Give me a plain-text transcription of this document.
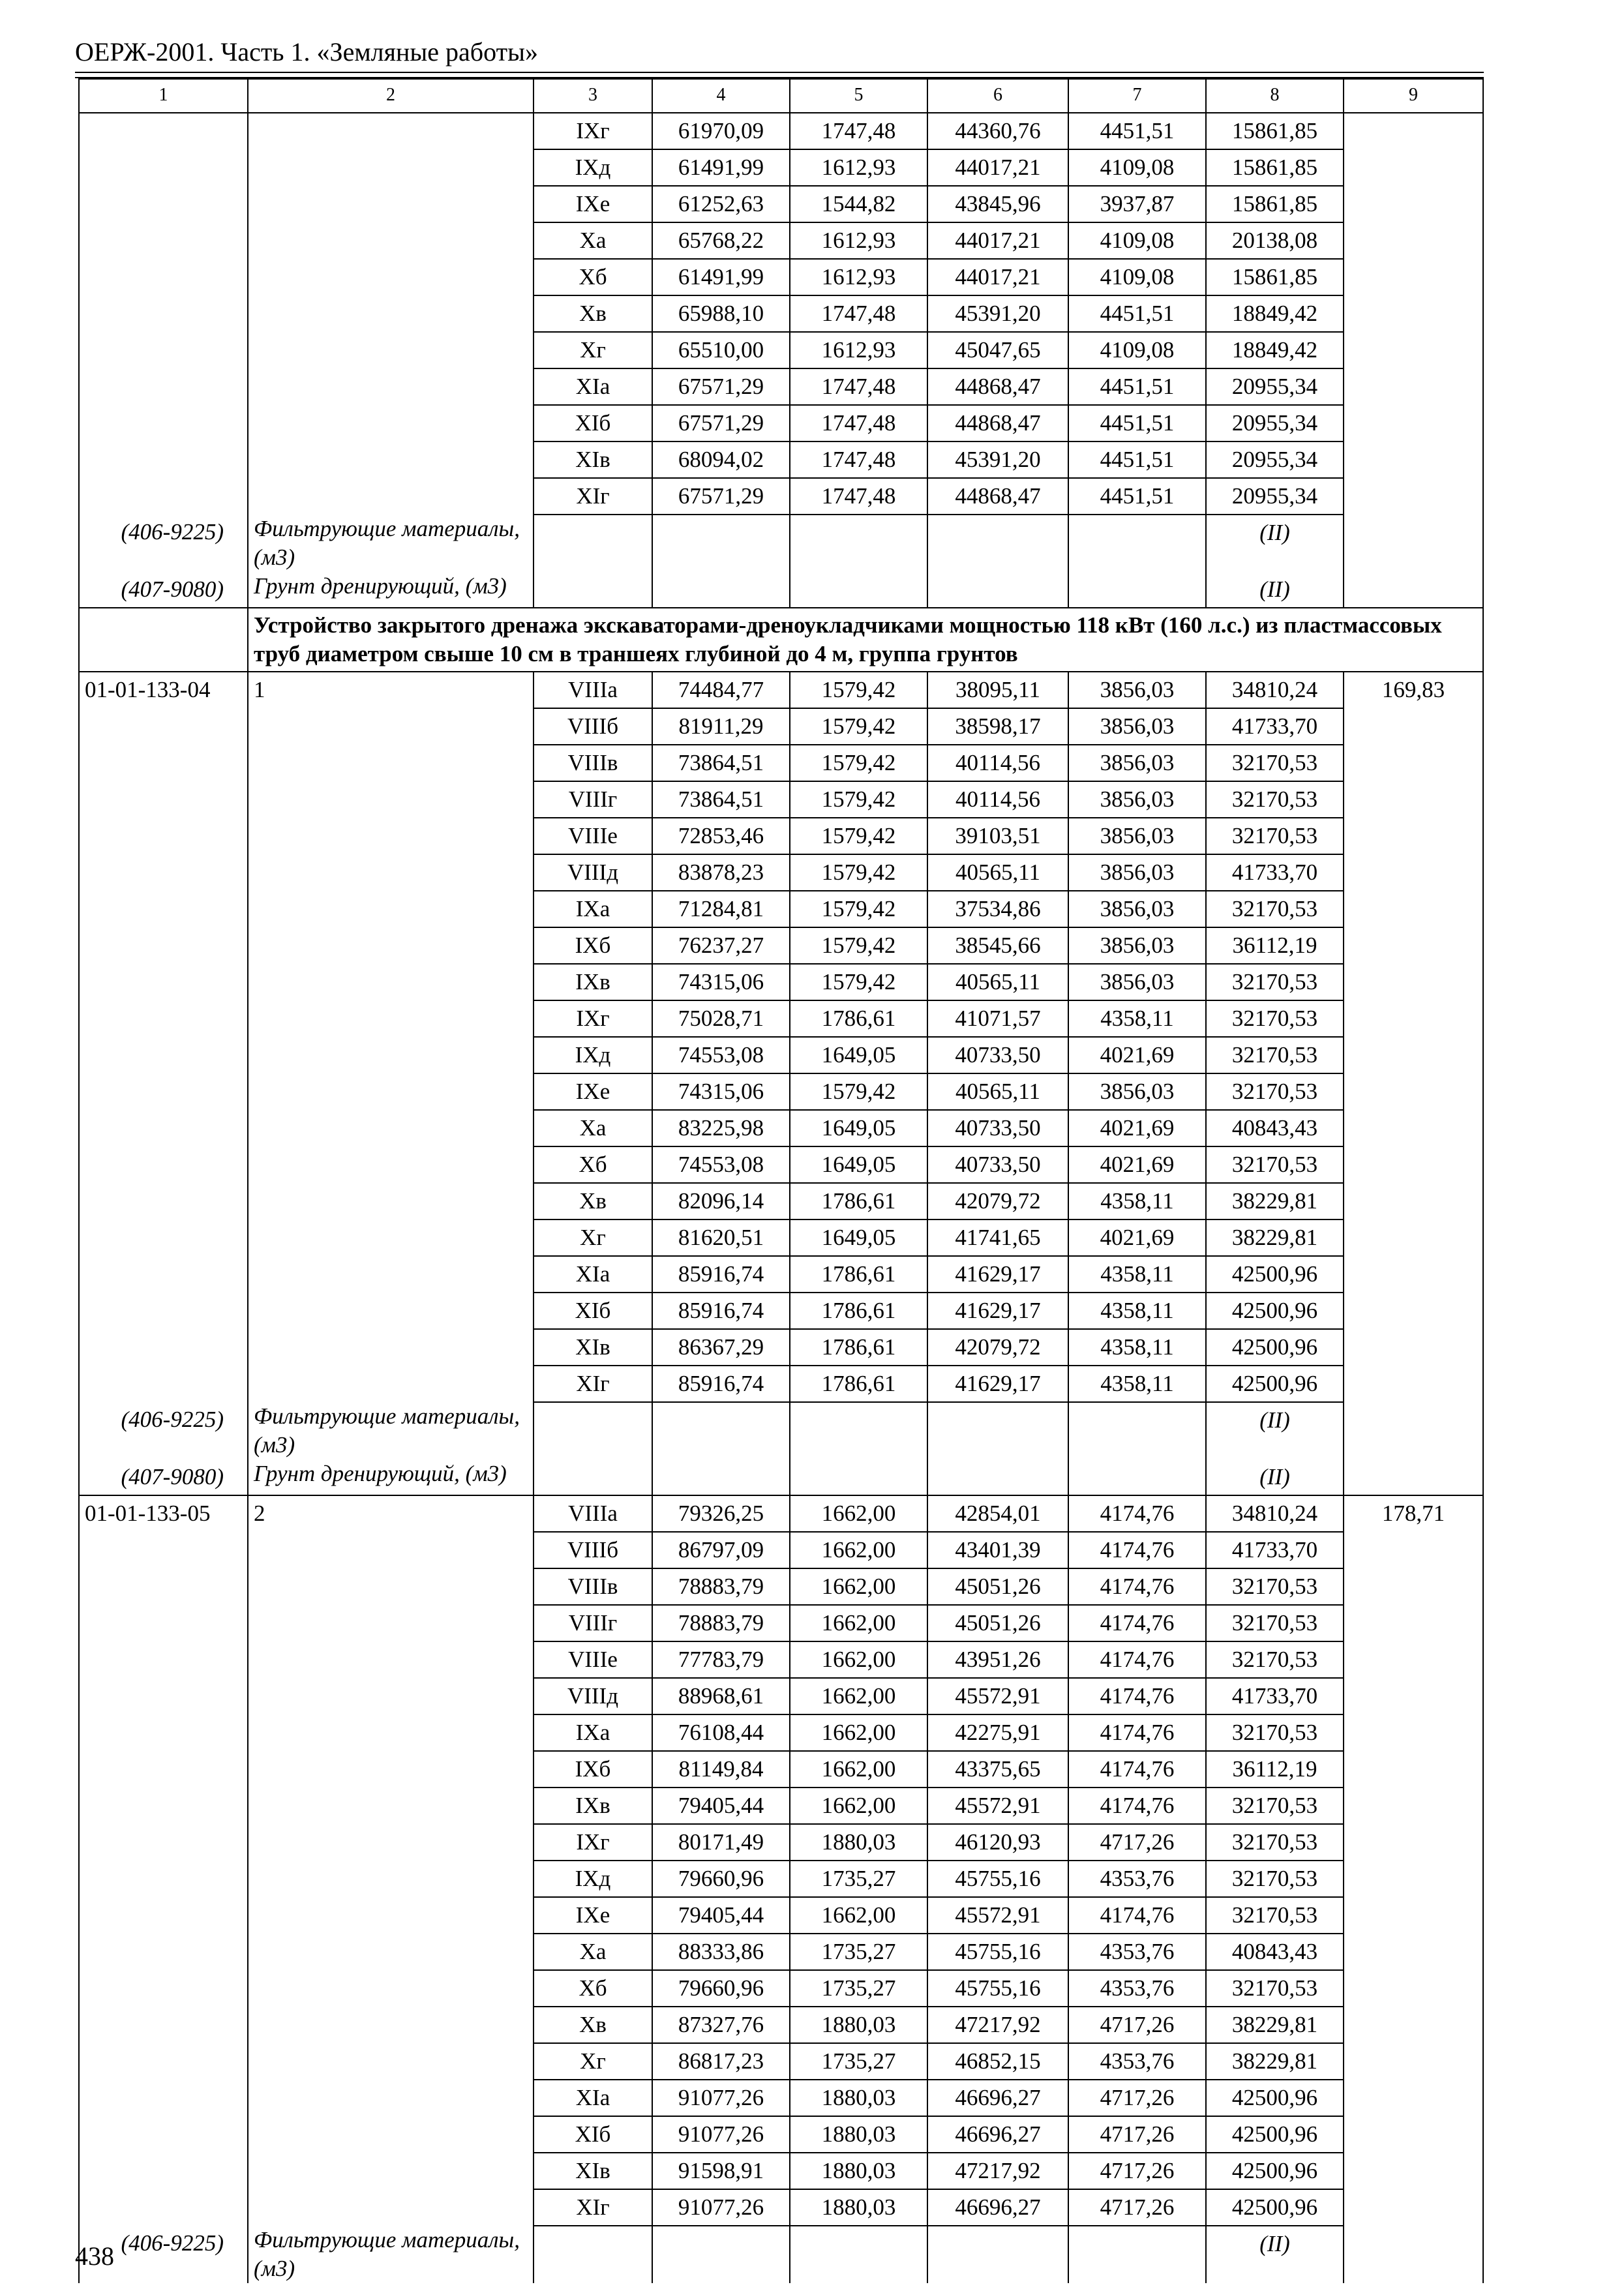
ОЕРЖ-2001. Часть 1. «Земляные работы»
1	2	3	4	5	6	7	8	9
		IXг	61970,09	1747,48	44360,76	4451,51	15861,85	
		IXд	61491,99	1612,93	44017,21	4109,08	15861,85	
		IXе	61252,63	1544,82	43845,96	3937,87	15861,85	
		Xа	65768,22	1612,93	44017,21	4109,08	20138,08	
		Xб	61491,99	1612,93	44017,21	4109,08	15861,85	
		Xв	65988,10	1747,48	45391,20	4451,51	18849,42	
		Xг	65510,00	1612,93	45047,65	4109,08	18849,42	
		XIа	67571,29	1747,48	44868,47	4451,51	20955,34	
		XIб	67571,29	1747,48	44868,47	4451,51	20955,34	
		XIв	68094,02	1747,48	45391,20	4451,51	20955,34	
		XIг	67571,29	1747,48	44868,47	4451,51	20955,34	
(406-9225)	Фильтрующие материалы, (м3)						(II)	
(407-9080)	Грунт дренирующий, (м3)						(II)	
	Устройство закрытого дренажа экскаваторами-дреноукладчиками мощностью 118 кВт (160 л.с.) из пластмассовых труб диаметром свыше 10 см в траншеях глубиной до 4 м, группа грунтов							
01-01-133-04	1	VIIIа	74484,77	1579,42	38095,11	3856,03	34810,24	169,83
		VIIIб	81911,29	1579,42	38598,17	3856,03	41733,70	
		VIIIв	73864,51	1579,42	40114,56	3856,03	32170,53	
		VIIIг	73864,51	1579,42	40114,56	3856,03	32170,53	
		VIIIе	72853,46	1579,42	39103,51	3856,03	32170,53	
		VIIIд	83878,23	1579,42	40565,11	3856,03	41733,70	
		IXа	71284,81	1579,42	37534,86	3856,03	32170,53	
		IXб	76237,27	1579,42	38545,66	3856,03	36112,19	
		IXв	74315,06	1579,42	40565,11	3856,03	32170,53	
		IXг	75028,71	1786,61	41071,57	4358,11	32170,53	
		IXд	74553,08	1649,05	40733,50	4021,69	32170,53	
		IXе	74315,06	1579,42	40565,11	3856,03	32170,53	
		Xа	83225,98	1649,05	40733,50	4021,69	40843,43	
		Xб	74553,08	1649,05	40733,50	4021,69	32170,53	
		Xв	82096,14	1786,61	42079,72	4358,11	38229,81	
		Xг	81620,51	1649,05	41741,65	4021,69	38229,81	
		XIа	85916,74	1786,61	41629,17	4358,11	42500,96	
		XIб	85916,74	1786,61	41629,17	4358,11	42500,96	
		XIв	86367,29	1786,61	42079,72	4358,11	42500,96	
		XIг	85916,74	1786,61	41629,17	4358,11	42500,96	
(406-9225)	Фильтрующие материалы, (м3)						(II)	
(407-9080)	Грунт дренирующий, (м3)						(II)	
01-01-133-05	2	VIIIа	79326,25	1662,00	42854,01	4174,76	34810,24	178,71
		VIIIб	86797,09	1662,00	43401,39	4174,76	41733,70	
		VIIIв	78883,79	1662,00	45051,26	4174,76	32170,53	
		VIIIг	78883,79	1662,00	45051,26	4174,76	32170,53	
		VIIIе	77783,79	1662,00	43951,26	4174,76	32170,53	
		VIIIд	88968,61	1662,00	45572,91	4174,76	41733,70	
		IXа	76108,44	1662,00	42275,91	4174,76	32170,53	
		IXб	81149,84	1662,00	43375,65	4174,76	36112,19	
		IXв	79405,44	1662,00	45572,91	4174,76	32170,53	
		IXг	80171,49	1880,03	46120,93	4717,26	32170,53	
		IXд	79660,96	1735,27	45755,16	4353,76	32170,53	
		IXе	79405,44	1662,00	45572,91	4174,76	32170,53	
		Xа	88333,86	1735,27	45755,16	4353,76	40843,43	
		Xб	79660,96	1735,27	45755,16	4353,76	32170,53	
		Xв	87327,76	1880,03	47217,92	4717,26	38229,81	
		Xг	86817,23	1735,27	46852,15	4353,76	38229,81	
		XIа	91077,26	1880,03	46696,27	4717,26	42500,96	
		XIб	91077,26	1880,03	46696,27	4717,26	42500,96	
		XIв	91598,91	1880,03	47217,92	4717,26	42500,96	
		XIг	91077,26	1880,03	46696,27	4717,26	42500,96	
(406-9225)	Фильтрующие материалы, (м3)						(II)	
438
